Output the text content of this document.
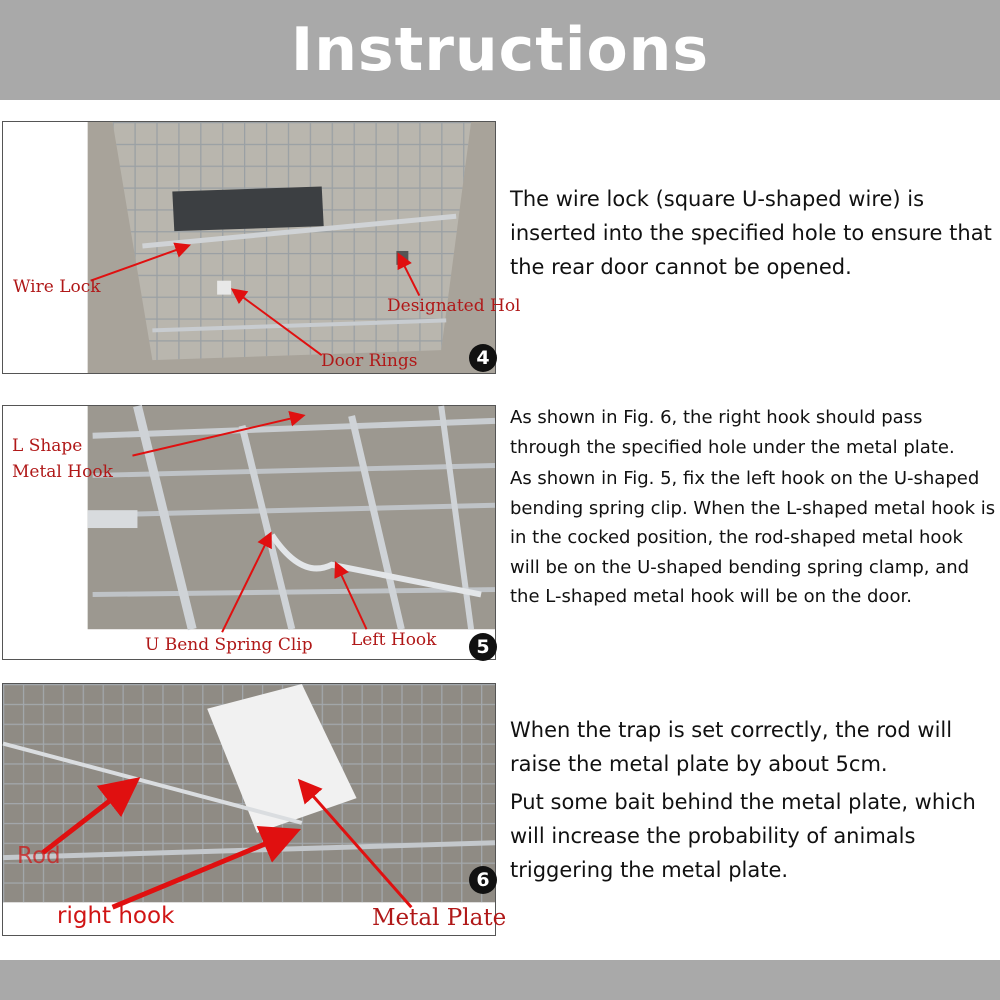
Instructions
Wire Lock
Designated Hol
Door Rings	4

The wire lock (square U-shaped wire) is inserted into the specified hole to ensure that the rear door cannot be opened.

L Shape
Metal Hook
U Bend Spring Clip Left Hook	5

As shown in Fig. 6, the right hook should pass through the specified hole under the metal plate.

As shown in Fig. 5, fix the left hook on the U-shaped bending spring clip. When the L-shaped metal hook is in the cocked position, the rod-shaped metal hook will be on the U-shaped bending spring clamp, and the L-shaped metal hook will be on the door.

Rod
right hook	Metal Plate
6

When the trap is set correctly, the rod will raise the metal plate by about 5cm.

Put some bait behind the metal plate, which will increase the probability of animals triggering the metal plate.
